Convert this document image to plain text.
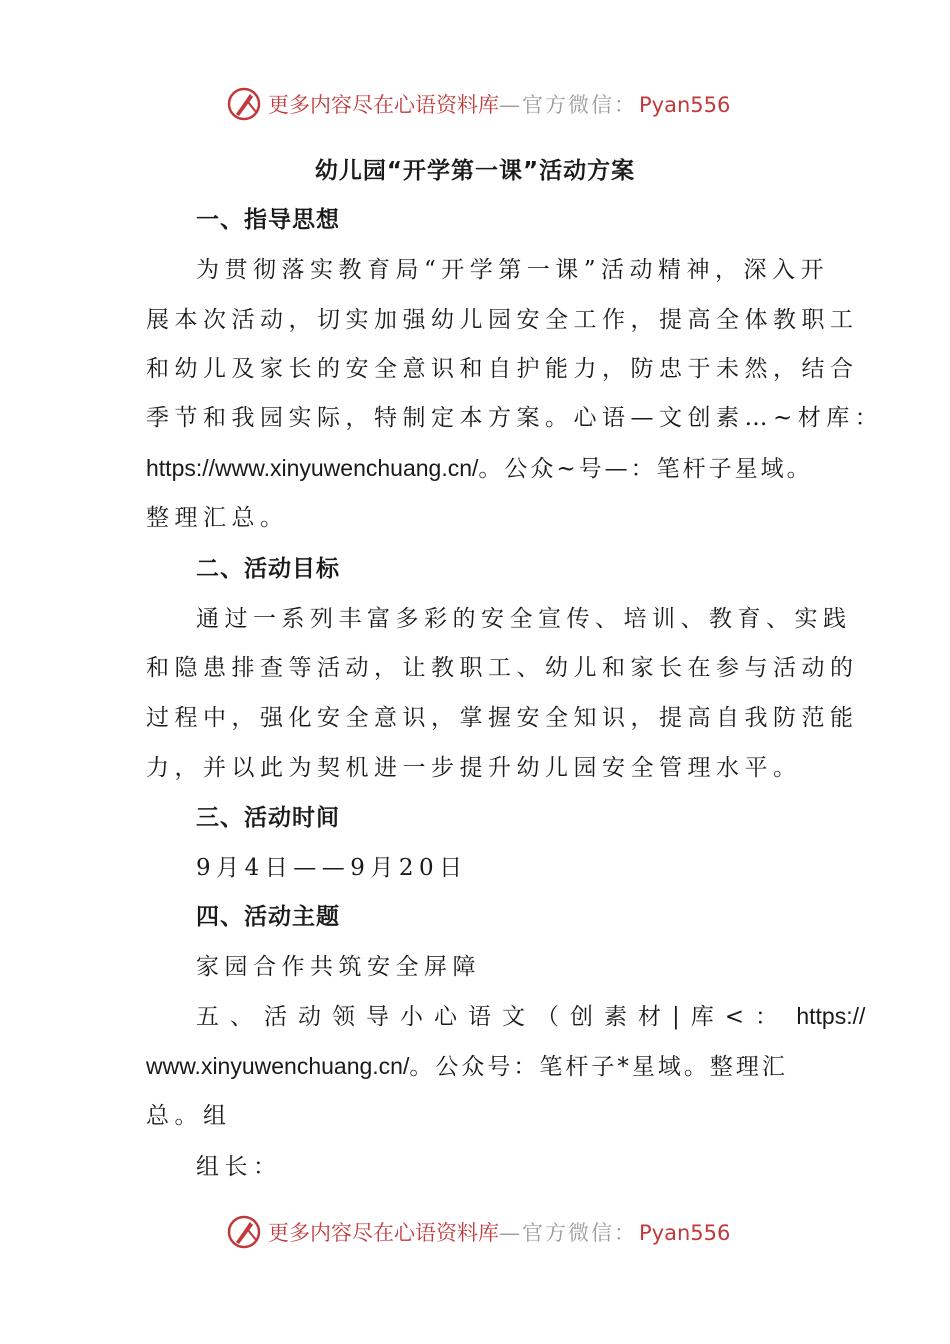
更多内容尽在心语资料库—官方微信：Pyan556
幼儿园“开学第一课”活动方案
一、指导思想
为贯彻落实教育局“开学第一课”活动精神，深入开
展本次活动，切实加强幼儿园安全工作，提高全体教职工
和幼儿及家长的安全意识和自护能力，防忠于未然，结合
季节和我园实际，特制定本方案。心语—文创素…~材库：
https://www.xinyuwenchuang.cn/。公众~号—：笔杆子星域。
整理汇总。
二、活动目标
通过一系列丰富多彩的安全宣传、培训、教育、实践
和隐患排查等活动，让教职工、幼儿和家长在参与活动的
过程中，强化安全意识，掌握安全知识，提高自我防范能
力，并以此为契机进一步提升幼儿园安全管理水平。
三、活动时间
9月4日——9月20日
四、活动主题
家园合作共筑安全屏障
五、活动领导小心语文（创素材|库<： https://
www.xinyuwenchuang.cn/。公众号：笔杆子*星域。整理汇
总。组
组长：
更多内容尽在心语资料库—官方微信：Pyan556
